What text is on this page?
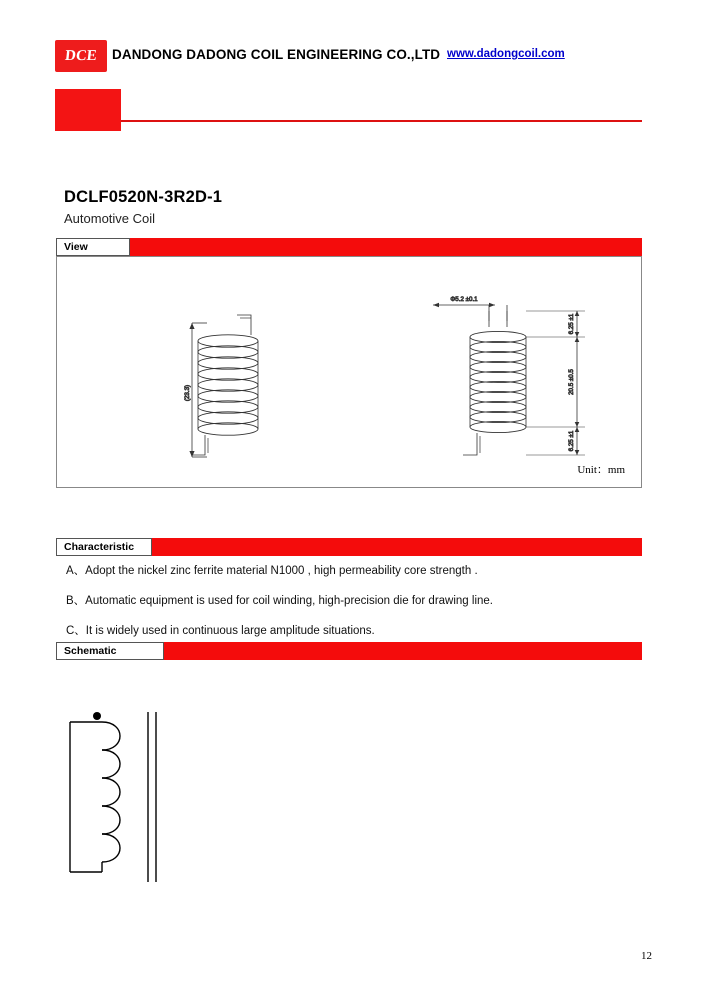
DCE DANDONG DADONG COIL ENGINEERING CO.,LTD www.dadongcoil.com
DCLF0520N-3R2D-1
Automotive Coil
View
(23.3)
Φ5.2 ±0.1
6.25 ±1
20.5 ±0.5
6.25 ±1
Unit：mm
Characteristic
A、Adopt the nickel zinc ferrite material N1000 , high permeability core strength .
B、Automatic equipment is used for coil winding, high-precision die for drawing line.
C、It is widely used in continuous large amplitude situations.
Schematic
12
